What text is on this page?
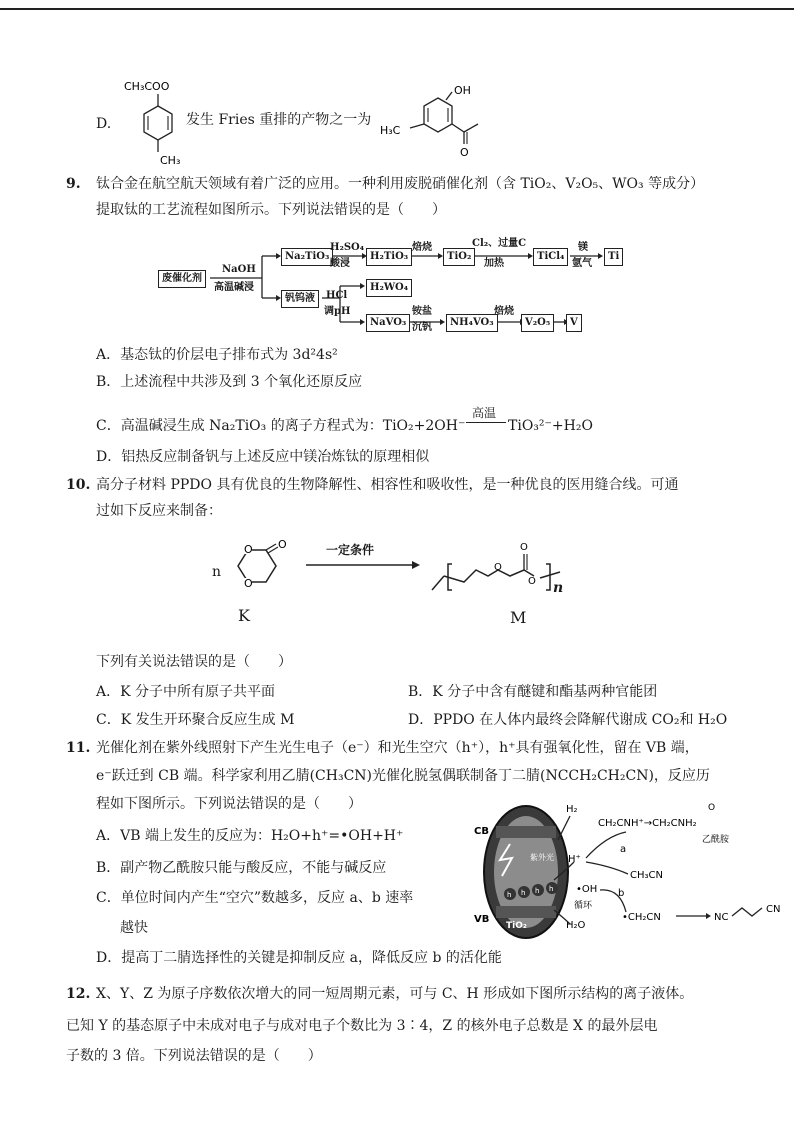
D.
CH₃COO
CH₃
发生 Fries 重排的产物之一为
OH
H₃C
O
9. 钛合金在航空航天领域有着广泛的应用。一种利用废脱硝催化剂（含 TiO₂、V₂O₅、WO₃ 等成分）
提取钛的工艺流程如图所示。下列说法错误的是（　　）
废催化剂
NaOH
高温碱浸
Na₂TiO₃
H₂SO₄
酸浸
H₂TiO₃
焙烧
TiO₂
Cl₂、过量C
加热
TiCl₄
镁
氩气
Ti
钒钨液	HCl
调pH
H₂WO₄
NaVO₃
铵盐
沉钒	NH₄VO₃
焙烧
V₂O₅	V
A．基态钛的价层电子排布式为 3d²4s²
B．上述流程中共涉及到 3 个氧化还原反应
C．高温碱浸生成 Na₂TiO₃ 的离子方程式为：TiO₂+2OH⁻
高温
TiO₃²⁻+H₂O
D．铝热反应制备钒与上述反应中镁冶炼钛的原理相似
10. 高分子材料 PPDO 具有优良的生物降解性、相容性和吸收性，是一种优良的医用缝合线。可通
过如下反应来制备：
n
O
O
O
K
一定条件
O
O
O n
M
下列有关说法错误的是（　　）
A．K 分子中所有原子共平面	B．K 分子中含有醚键和酯基两种官能团
C．K 发生开环聚合反应生成 M	D．PPDO 在人体内最终会降解代谢成 CO₂和 H₂O
11. 光催化剂在紫外线照射下产生光生电子（e⁻）和光生空穴（h⁺），h⁺具有强氧化性，留在 VB 端，
e⁻跃迁到 CB 端。科学家利用乙腈(CH₃CN)光催化脱氢偶联制备丁二腈(NCCH₂CH₂CN)，反应历
程如下图所示。下列说法错误的是（　　）
A．VB 端上发生的反应为：H₂O+h⁺=•OH+H⁺
B．副产物乙酰胺只能与酸反应，不能与碱反应
C．单位时间内产生“空穴”数越多，反应 a、b 速率
越快
D．提高丁二腈选择性的关键是抑制反应 a，降低反应 b 的活化能
紫外光
h h h h
TiO₂
CB
VB
H₂
H⁺
CH₂CNH⁺→CH₂CNH₂
O
乙酰胺
a
CH₃CN
•OH
循环
b
H₂O
•CH₂CN	NC
CN
12. X、Y、Z 为原子序数依次增大的同一短周期元素，可与 C、H 形成如下图所示结构的离子液体。
已知 Y 的基态原子中未成对电子与成对电子个数比为 3∶4，Z 的核外电子总数是 X 的最外层电
子数的 3 倍。下列说法错误的是（　　）
